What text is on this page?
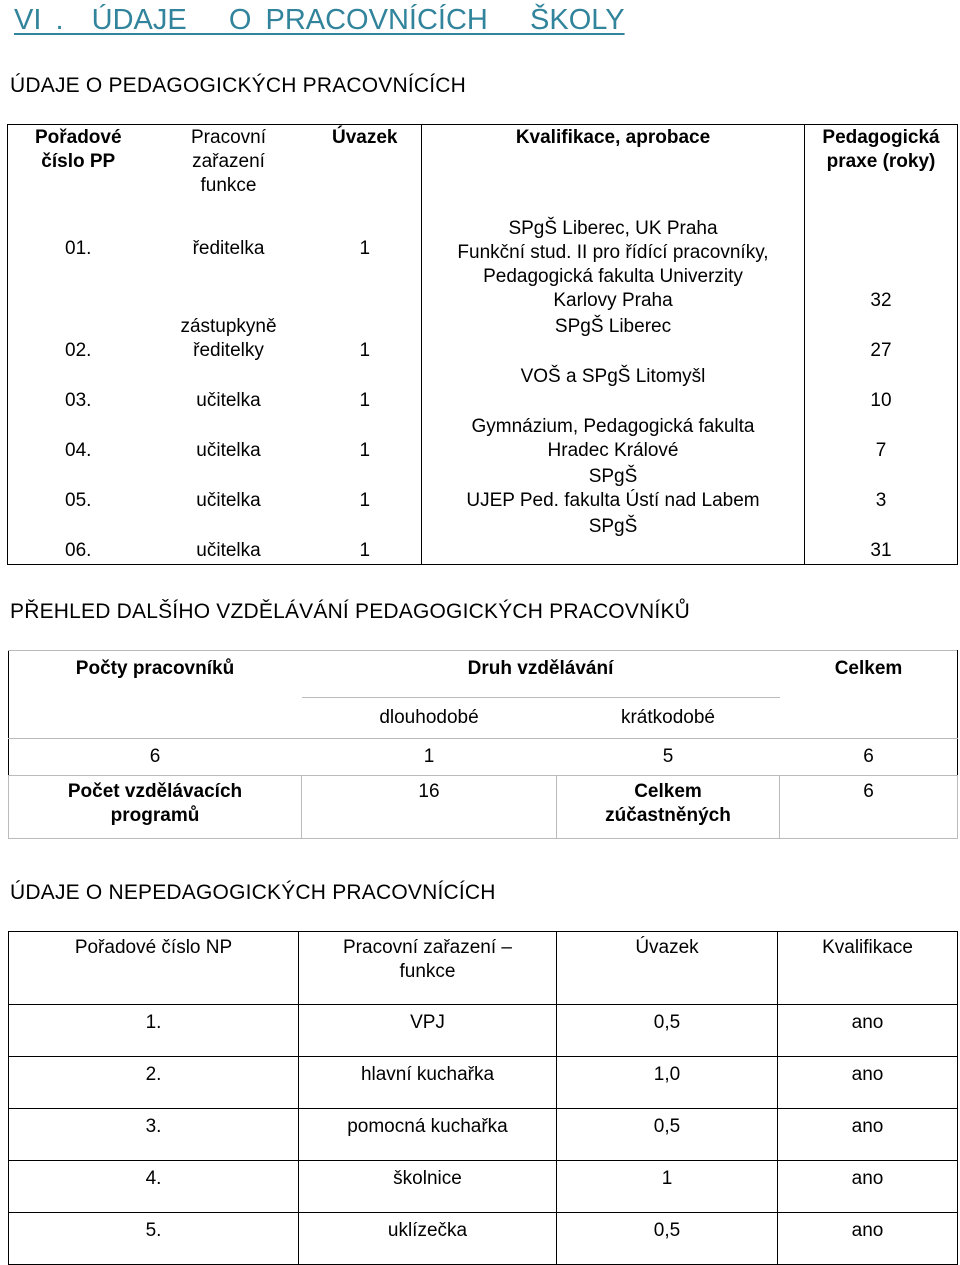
VI .  ÚDAJE   O PRACOVNÍCÍCH   ŠKOLY
ÚDAJE O PEDAGOGICKÝCH PRACOVNÍCÍCH
Pořadové
číslo PP	Pracovní
zařazení
funkce	Úvazek	Kvalifikace, aprobace	Pedagogická
praxe (roky)
01.	ředitelka	1	SPgŠ Liberec, UK Praha
Funkční stud. II pro řídící pracovníky,
Pedagogická fakulta Univerzity
Karlovy Praha	32
02.	zástupkyně
ředitelky	1	SPgŠ Liberec	27
03.	učitelka	1	VOŠ a SPgŠ Litomyšl	10
04.	učitelka	1	Gymnázium, Pedagogická fakulta
Hradec Králové	7
05.	učitelka	1	SPgŠ
UJEP Ped. fakulta Ústí nad Labem	3
06.	učitelka	1	SPgŠ	31
PŘEHLED DALŠÍHO VZDĚLÁVÁNÍ PEDAGOGICKÝCH PRACOVNÍKŮ
Počty pracovníků	Druh vzdělávání		Celkem
	dlouhodobé	krátkodobé	
6	1	5	6
Počet vzdělávacích
programů	16	Celkem
zúčastněných	6
ÚDAJE O NEPEDAGOGICKÝCH PRACOVNÍCÍCH
Pořadové číslo NP	Pracovní zařazení –
funkce	Úvazek	Kvalifikace
1.	VPJ	0,5	ano
2.	hlavní kuchařka	1,0	ano
3.	pomocná kuchařka	0,5	ano
4.	školnice	1	ano
5.	uklízečka	0,5	ano
